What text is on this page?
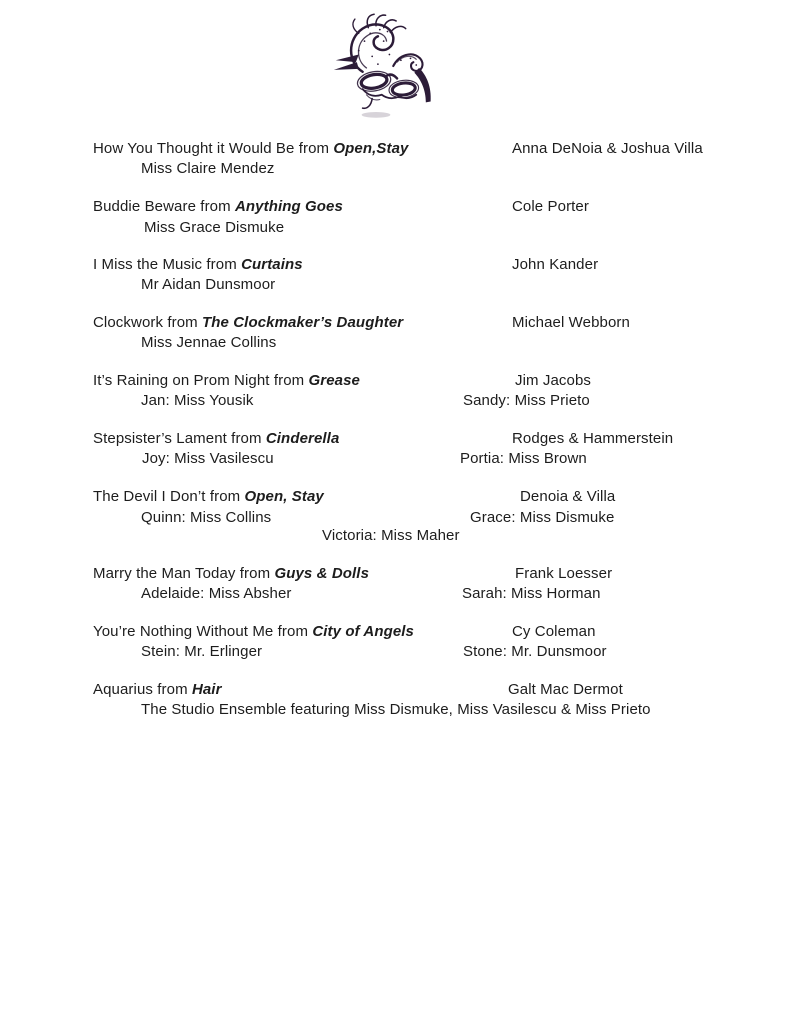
How You Thought it Would Be from Open,Stay	Anna DeNoia & Joshua Villa
Miss Claire Mendez
Buddie Beware from Anything Goes	Cole Porter
Miss Grace Dismuke
I Miss the Music from Curtains	John Kander
Mr Aidan Dunsmoor
Clockwork from The Clockmaker’s Daughter	Michael Webborn
Miss Jennae Collins
It’s Raining on Prom Night from Grease	Jim Jacobs
Jan: Miss Yousik	Sandy: Miss Prieto
Stepsister’s Lament from Cinderella	Rodges & Hammerstein
Joy: Miss Vasilescu	Portia: Miss Brown
The Devil I Don’t from Open, Stay	Denoia & Villa
Quinn: Miss Collins	Grace: Miss Dismuke
Victoria: Miss Maher
Marry the Man Today from Guys & Dolls	Frank Loesser
Adelaide: Miss Absher	Sarah: Miss Horman
You’re Nothing Without Me from City of Angels	Cy Coleman
Stein: Mr. Erlinger	Stone: Mr. Dunsmoor
Aquarius from Hair	Galt Mac Dermot
The Studio Ensemble featuring Miss Dismuke, Miss Vasilescu & Miss Prieto
